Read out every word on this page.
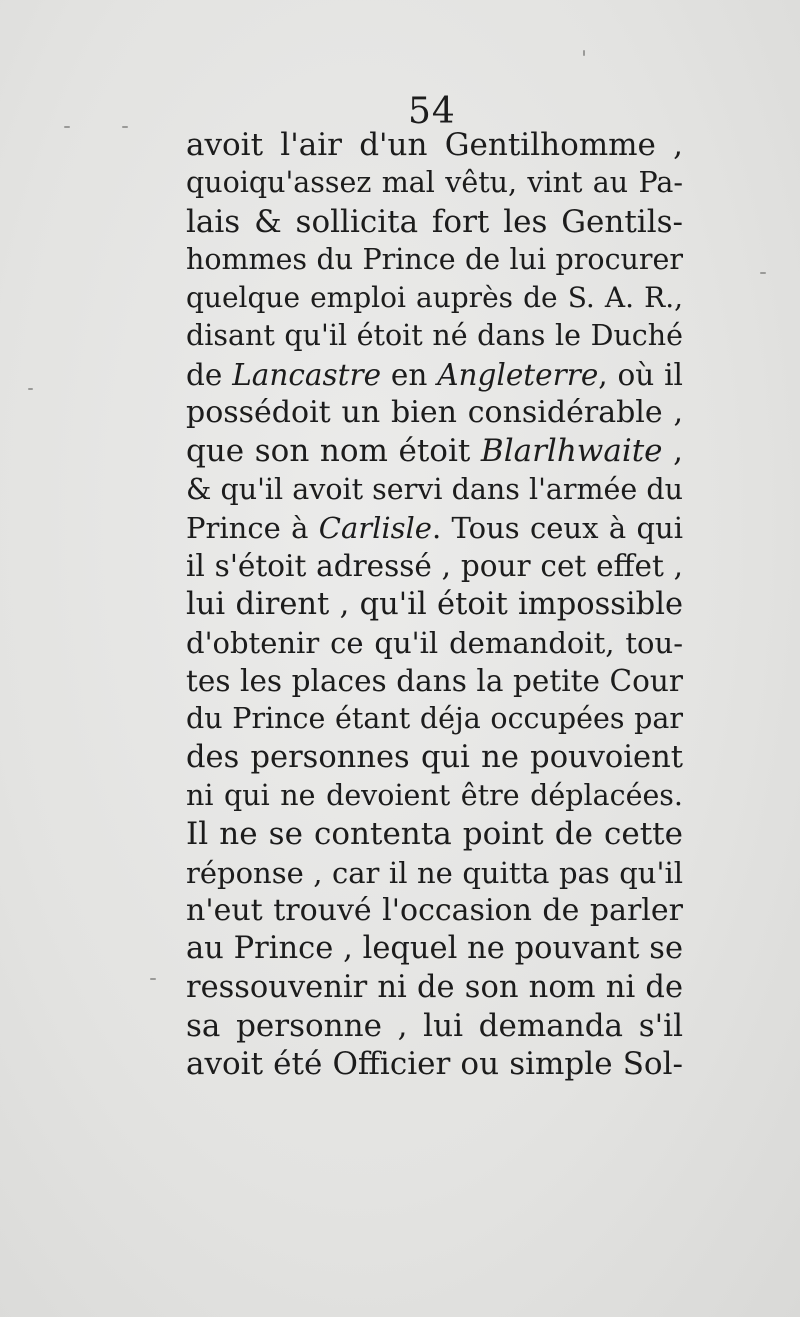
54
avoit l'air d'un Gentilhomme ,
quoiqu'assez mal vêtu, vint au Pa-
lais & sollicita fort les Gentils-
hommes du Prince de lui procurer
quelque emploi auprès de S. A. R.,
disant qu'il étoit né dans le Duché
de Lancastre en Angleterre, où il
possédoit un bien considérable ,
que son nom étoit Blarlhwaite ,
& qu'il avoit servi dans l'armée du
Prince à Carlisle. Tous ceux à qui
il s'étoit adressé , pour cet effet ,
lui dirent , qu'il étoit impossible
d'obtenir ce qu'il demandoit, tou-
tes les places dans la petite Cour
du Prince étant déja occupées par
des personnes qui ne pouvoient
ni qui ne devoient être déplacées.
Il ne se contenta point de cette
réponse , car il ne quitta pas qu'il
n'eut trouvé l'occasion de parler
au Prince , lequel ne pouvant se
ressouvenir ni de son nom ni de
sa personne , lui demanda s'il
avoit été Officier ou simple Sol-
